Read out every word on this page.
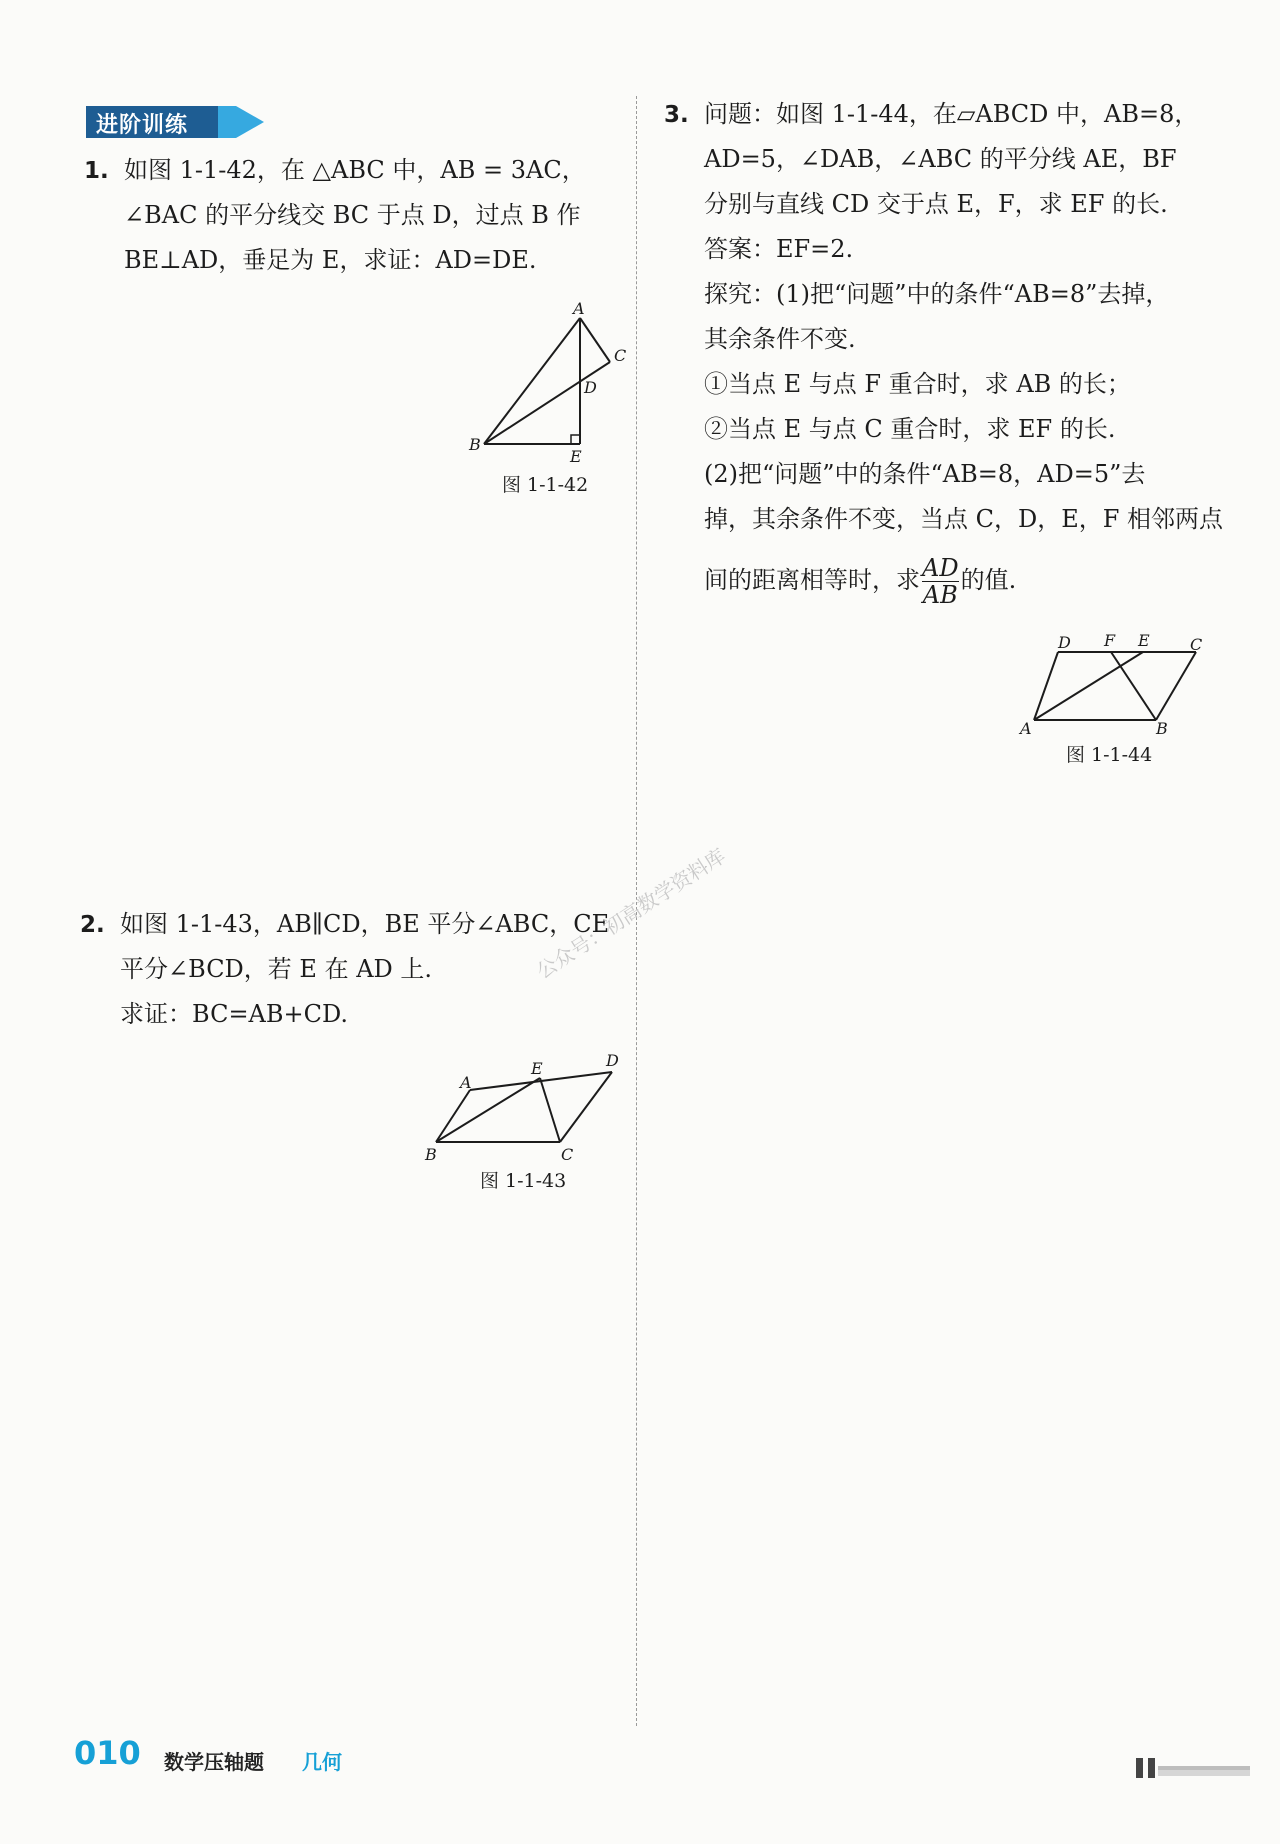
进阶训练
1. 如图 1-1-42，在 △ABC 中，AB = 3AC，
∠BAC 的平分线交 BC 于点 D，过点 B 作
BE⊥AD，垂足为 E，求证：AD=DE.
A
B
C
D
E
图 1-1-42
2. 如图 1-1-43，AB∥CD，BE 平分∠ABC，CE
平分∠BCD，若 E 在 AD 上.
求证：BC=AB+CD.
A
B	C
D
E
图 1-1-43
3. 问题：如图 1-1-44，在▱ABCD 中，AB=8，
AD=5，∠DAB，∠ABC 的平分线 AE，BF
分别与直线 CD 交于点 E，F，求 EF 的长.
答案：EF=2.
探究：(1)把“问题”中的条件“AB=8”去掉，
其余条件不变.
①当点 E 与点 F 重合时，求 AB 的长；
②当点 E 与点 C 重合时，求 EF 的长.
(2)把“问题”中的条件“AB=8，AD=5”去
掉，其余条件不变，当点 C，D，E，F 相邻两点
间的距离相等时，求 $\frac{AD}{AB}$ 的值.
D F E	C
A	B
图 1-1-44
公众号：初高数学资料库
010 数学压轴题 几何
